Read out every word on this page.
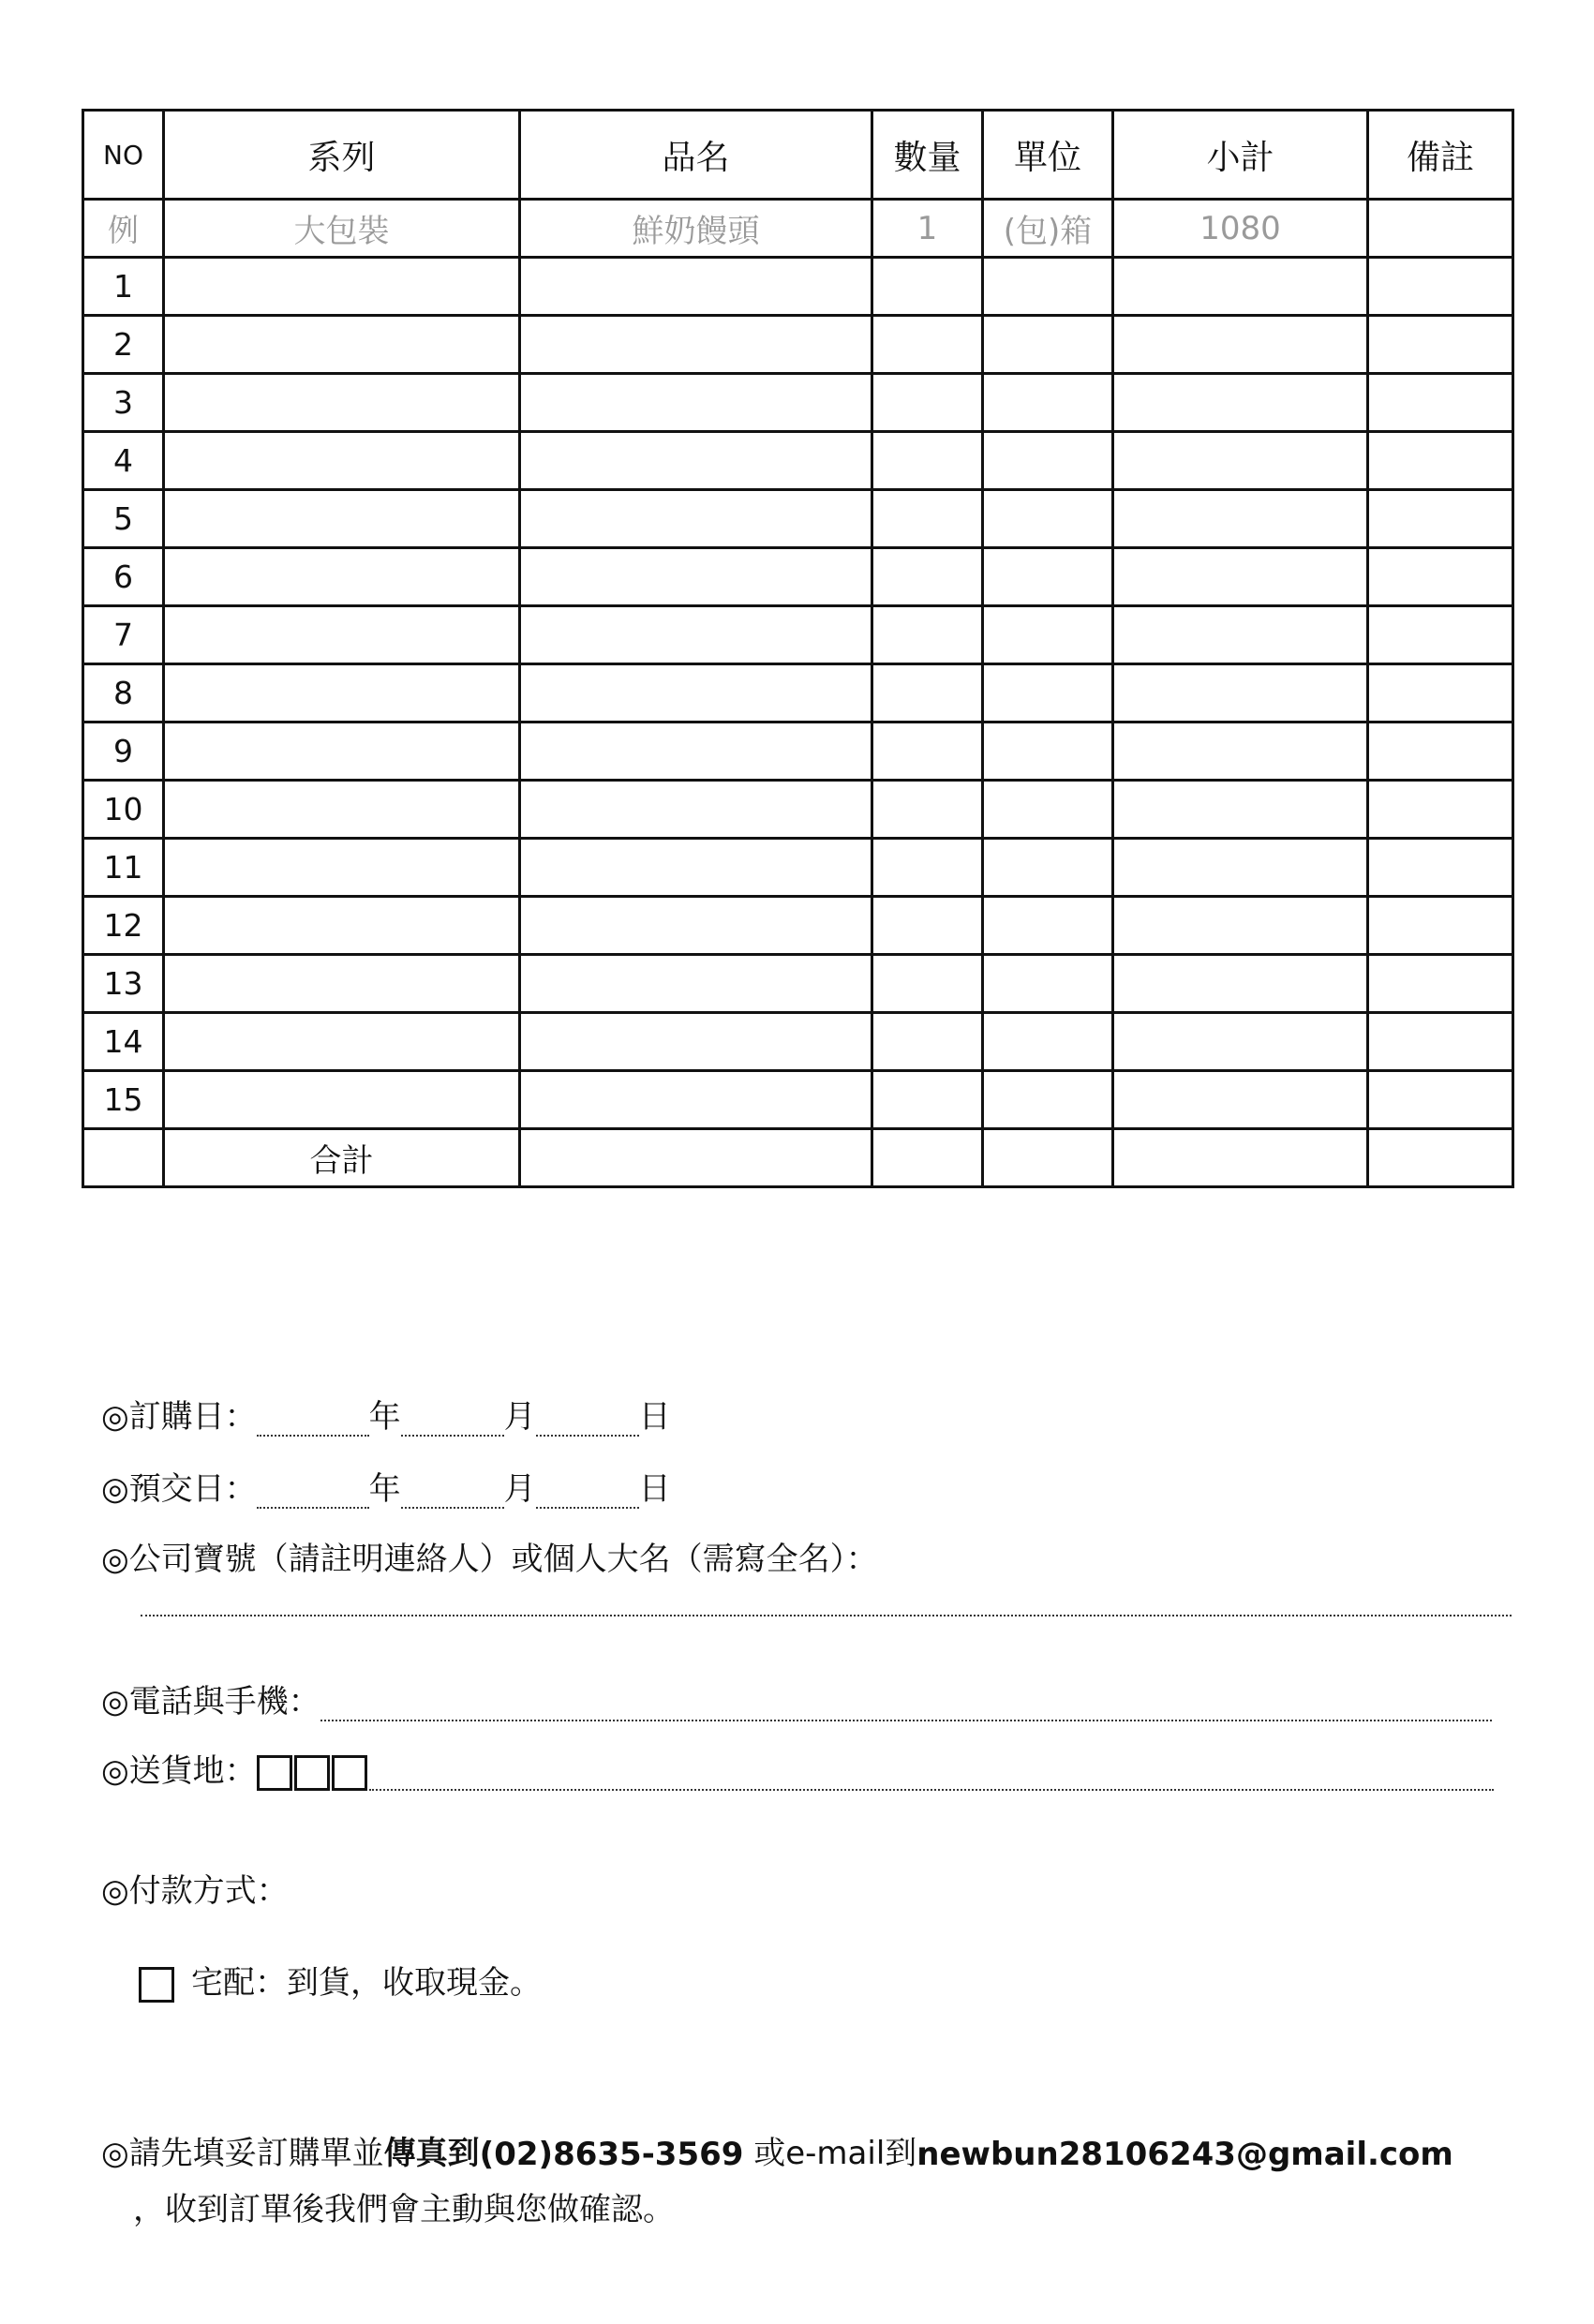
NO	系列	品名	數量	單位	小計	備註
例	大包裝	鮮奶饅頭	1	(包)箱	1080	
1						
2						
3						
4						
5						
6						
7						
8						
9						
10						
11						
12						
13						
14						
15						
	合計					
◎訂購日：	年	月	日
◎預交日：	年	月	日
◎公司寶號（請註明連絡人）或個人大名（需寫全名）：
◎電話與手機：
◎送貨地：
◎付款方式：
宅配：到貨，收取現金。
◎請先填妥訂購單並 傳真到 (02)8635-3569 或e-mail到 newbun28106243@gmail.com
，收到訂單後我們會主動與您做確認。
